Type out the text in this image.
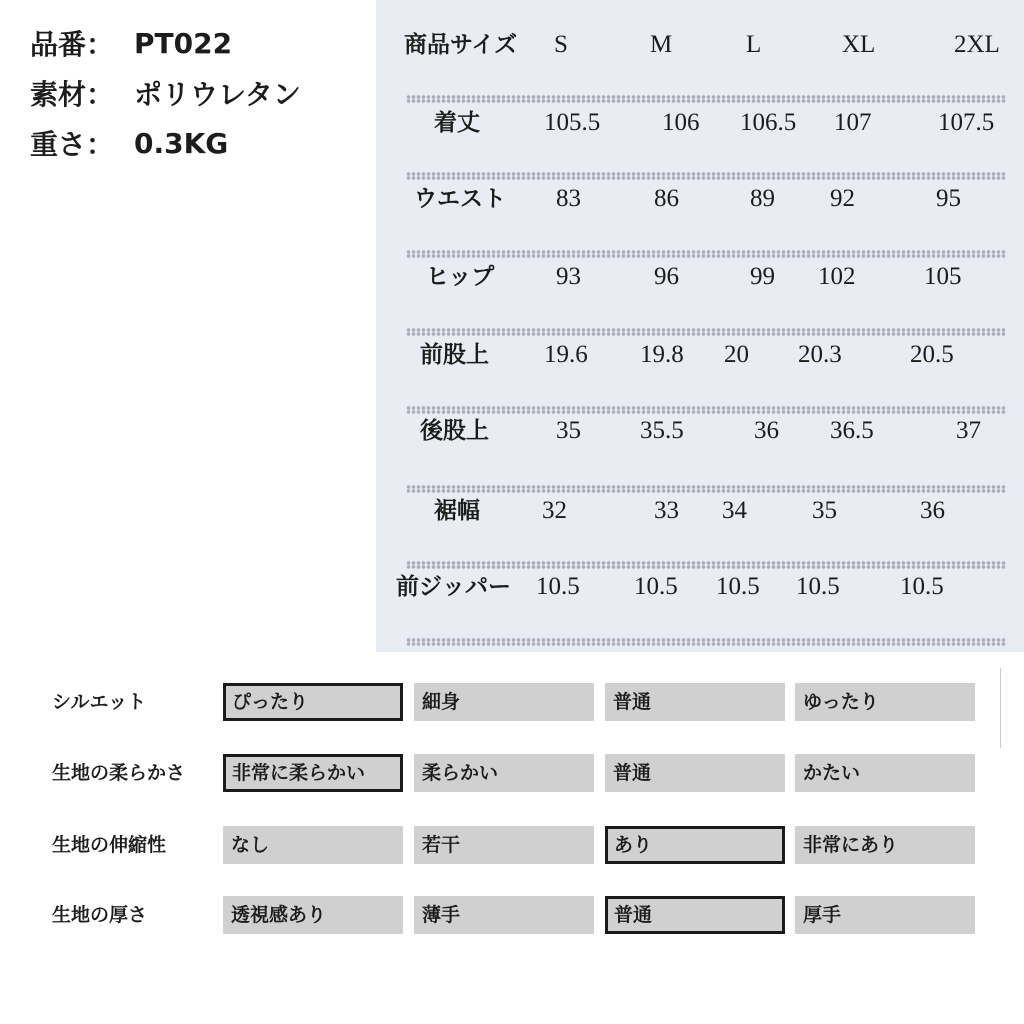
品番： PT022
素材： ポリウレタン
重さ： 0.3KG
商品サイズ S	M	L	XL	2XL
着丈	105.5 106 106.5 107	107.5
ウエスト 83	86	89 92	95
ヒップ 93	96	99 102	105
前股上 19.6 19.8 20 20.3	20.5
後股上	35 35.5	36 36.5	37
裾幅 32	33 34	35	36
前ジッパー 10.5 10.5 10.5 10.5 10.5
シルエット	ぴったり	細身	普通	ゆったり
生地の柔らかさ	非常に柔らかい	柔らかい	普通	かたい
生地の伸縮性	なし	若干	あり	非常にあり
生地の厚さ	透視感あり	薄手	普通	厚手
